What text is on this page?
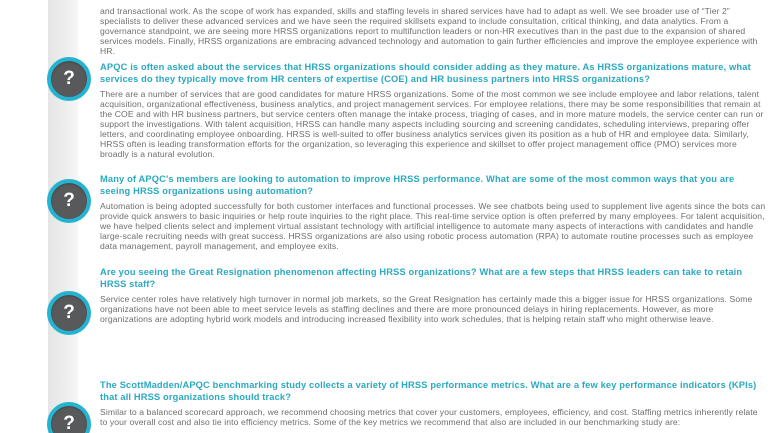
and transactional work. As the scope of work has expanded, skills and staffing levels in shared services have had to adapt as well. We see broader use of “Tier 2” specialists to deliver these advanced services and we have seen the required skillsets expand to include consultation, critical thinking, and data analytics. From a governance standpoint, we are seeing more HRSS organizations report to multifunction leaders or non-HR executives than in the past due to the expansion of shared services models. Finally, HRSS organizations are embracing advanced technology and automation to gain further efficiencies and improve the employee experience with HR.

?
APQC is often asked about the services that HRSS organizations should consider adding as they mature. As HRSS organizations mature, what services do they typically move from HR centers of expertise (COE) and HR business partners into HRSS organizations?

There are a number of services that are good candidates for mature HRSS organizations. Some of the most common we see include employee and labor relations, talent acquisition, organizational effectiveness, business analytics, and project management services. For employee relations, there may be some responsibilities that remain at the COE and with HR business partners, but service centers often manage the intake process, triaging of cases, and in more mature models, the service center can run or support the investigations. With talent acquisition, HRSS can handle many aspects including sourcing and screening candidates, scheduling interviews, preparing offer letters, and coordinating employee onboarding. HRSS is well-suited to offer business analytics services given its position as a hub of HR and employee data. Similarly, HRSS often is leading transformation efforts for the organization, so leveraging this experience and skillset to offer project management office (PMO) services more broadly is a natural evolution.

?
Many of APQC's members are looking to automation to improve HRSS performance. What are some of the most common ways that you are seeing HRSS organizations using automation?

Automation is being adopted successfully for both customer interfaces and functional processes. We see chatbots being used to supplement live agents since the bots can provide quick answers to basic inquiries or help route inquiries to the right place. This real-time service option is often preferred by many employees. For talent acquisition, we have helped clients select and implement virtual assistant technology with artificial intelligence to automate many aspects of interactions with candidates and handle large-scale recruiting needs with great success. HRSS organizations are also using robotic process automation (RPA) to automate routine processes such as employee data management, payroll management, and employee exits.

?
Are you seeing the Great Resignation phenomenon affecting HRSS organizations? What are a few steps that HRSS leaders can take to retain HRSS staff?

Service center roles have relatively high turnover in normal job markets, so the Great Resignation has certainly made this a bigger issue for HRSS organizations. Some organizations have not been able to meet service levels as staffing declines and there are more pronounced delays in hiring replacements. However, as more organizations are adopting hybrid work models and introducing increased flexibility into work schedules, that is helping retain staff who might otherwise leave.

?
The ScottMadden/APQC benchmarking study collects a variety of HRSS performance metrics. What are a few key performance indicators (KPIs) that all HRSS organizations should track?

Similar to a balanced scorecard approach, we recommend choosing metrics that cover your customers, employees, efficiency, and cost. Staffing metrics inherently relate to your overall cost and also tie into efficiency metrics. Some of the key metrics we recommend that also are included in our benchmarking study are:
